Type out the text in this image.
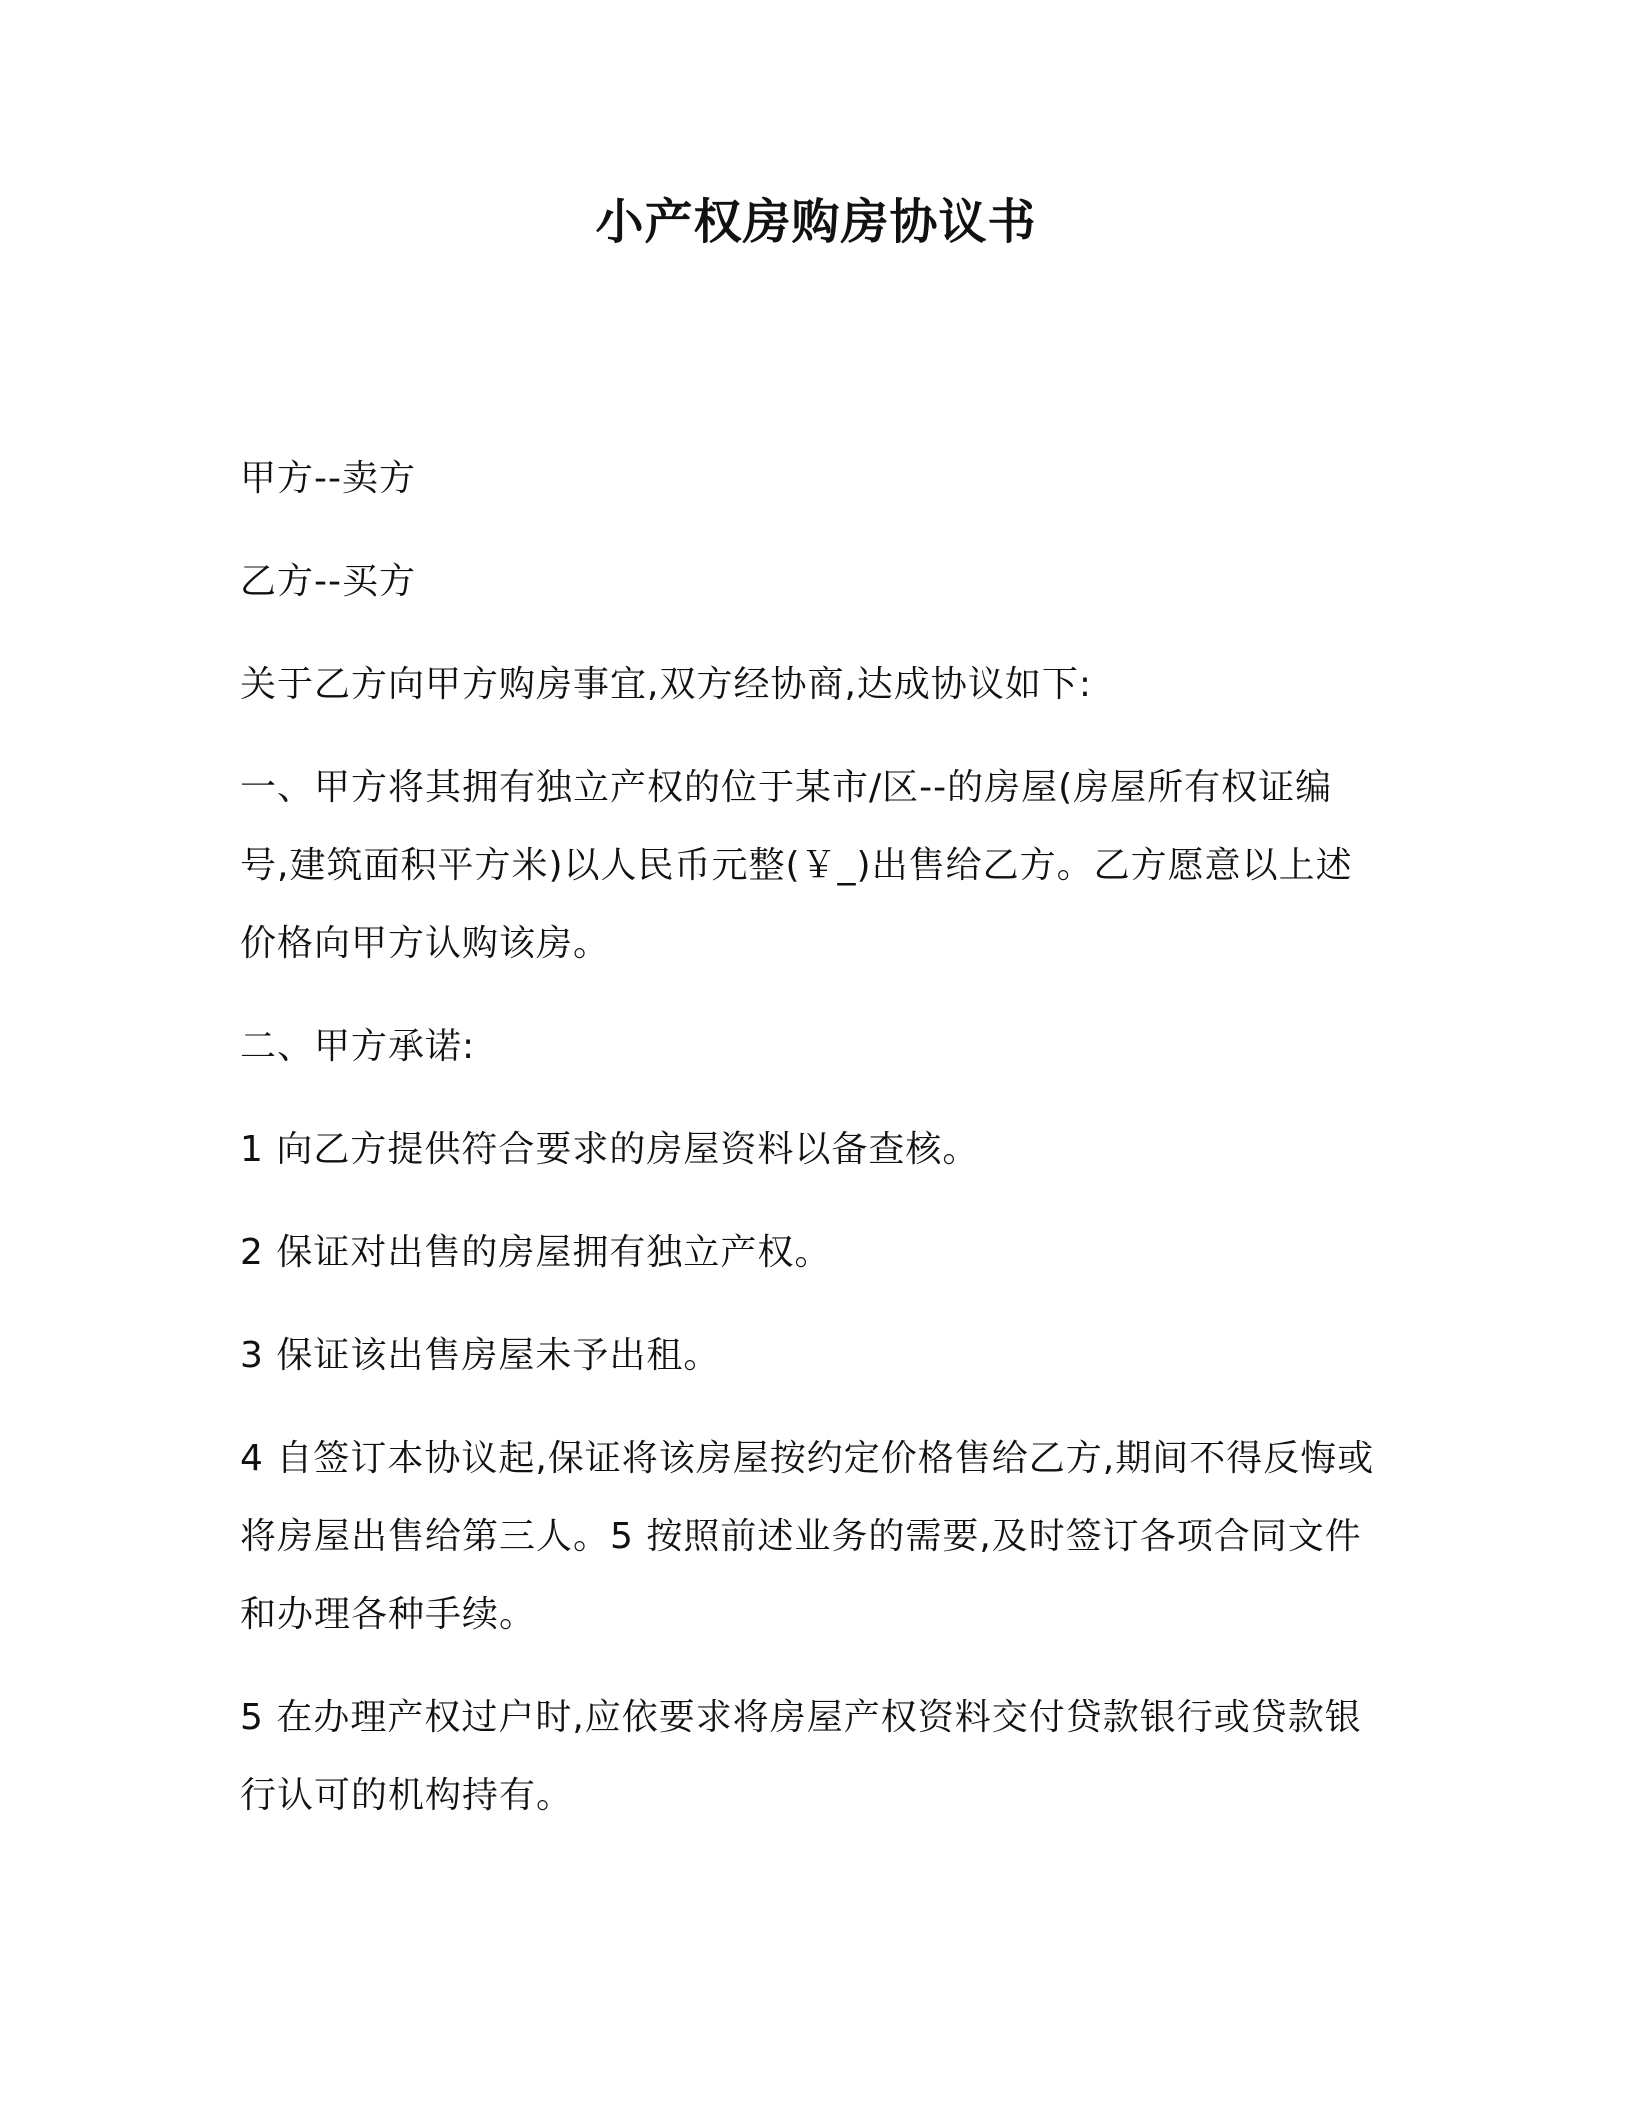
小产权房购房协议书

甲方--卖方

乙方--买方

关于乙方向甲方购房事宜,双方经协商,达成协议如下:

一、甲方将其拥有独立产权的位于某市/区--的房屋(房屋所有权证编号,建筑面积平方米)以人民币元整(￥_)出售给乙方。乙方愿意以上述价格向甲方认购该房。

二、甲方承诺:

1 向乙方提供符合要求的房屋资料以备查核。

2 保证对出售的房屋拥有独立产权。

3 保证该出售房屋未予出租。

4 自签订本协议起,保证将该房屋按约定价格售给乙方,期间不得反悔或将房屋出售给第三人。5 按照前述业务的需要,及时签订各项合同文件和办理各种手续。

5 在办理产权过户时,应依要求将房屋产权资料交付贷款银行或贷款银行认可的机构持有。
